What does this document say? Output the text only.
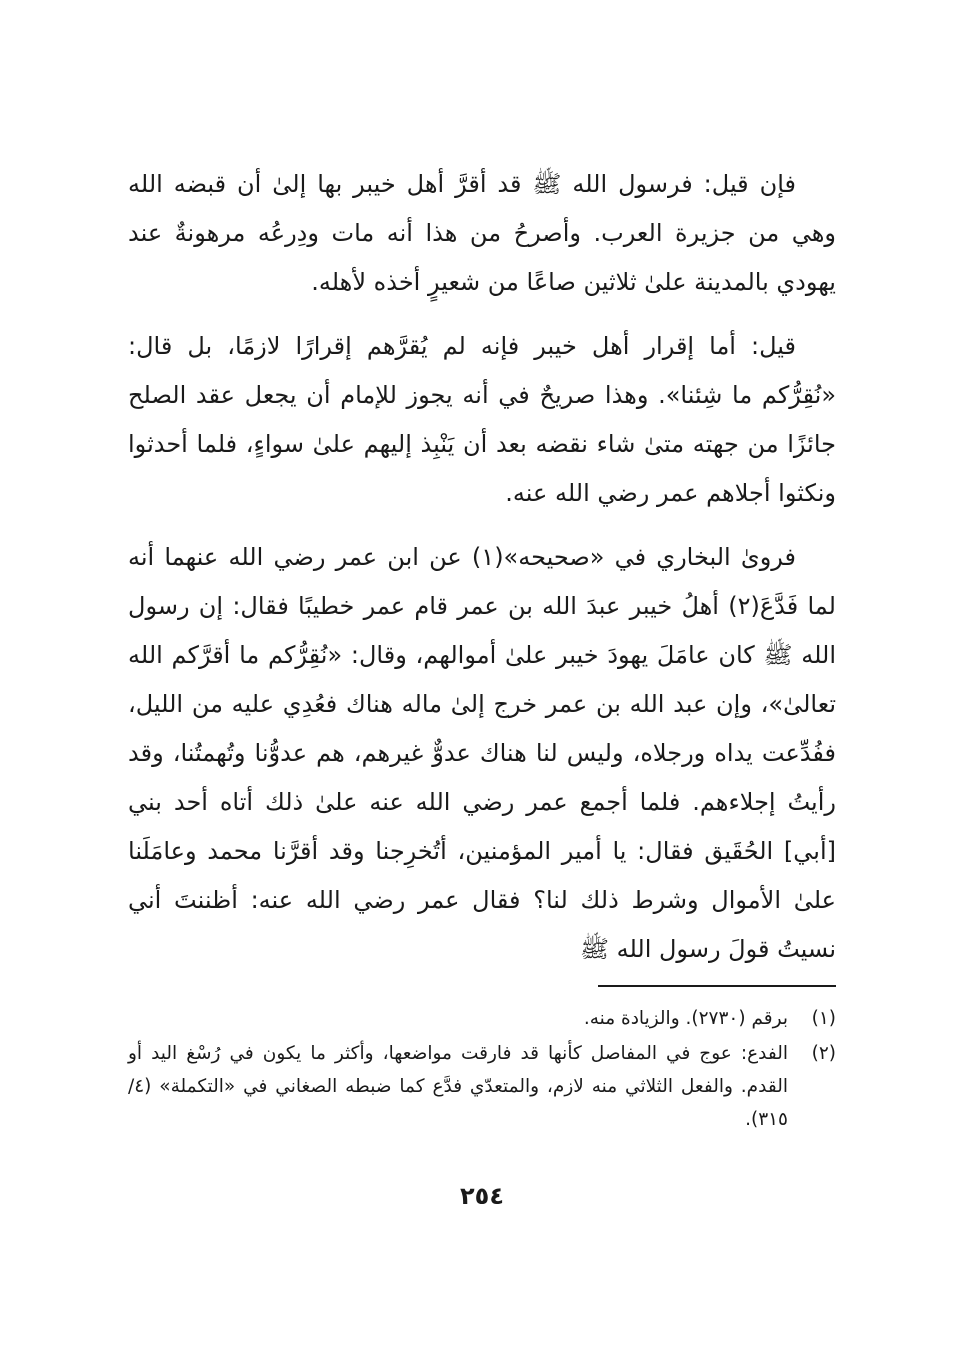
فإن قيل: فرسول الله ﷺ قد أقرَّ أهل خيبر بها إلىٰ أن قبضه الله وهي من جزيرة العرب. وأصرحُ من هذا أنه مات ودِرعُه مرهونةٌ عند يهودي بالمدينة علىٰ ثلاثين صاعًا من شعيرٍ أخذه لأهله.

قيل: أما إقرار أهل خيبر فإنه لم يُقرَّهم إقرارًا لازمًا، بل قال: «نُقِرُّكم ما شِئنا». وهذا صريحٌ في أنه يجوز للإمام أن يجعل عقد الصلح جائزًا من جهته متىٰ شاء نقضه بعد أن يَنْبِذ إليهم علىٰ سواءٍ، فلما أحدثوا ونكثوا أجلاهم عمر رضي الله عنه.

فروىٰ البخاري في «صحيحه»(١) عن ابن عمر رضي الله عنهما أنه لما فَدَّعَ(٢) أهلُ خيبر عبدَ الله بن عمر قام عمر خطيبًا فقال: إن رسول الله ﷺ كان عامَلَ يهودَ خيبر علىٰ أموالهم، وقال: «نُقِرُّكم ما أقرَّكم الله تعالىٰ»، وإن عبد الله بن عمر خرج إلىٰ ماله هناك فعُدِي عليه من الليل، ففُدِّعت يداه ورجلاه، وليس لنا هناك عدوٌّ غيرهم، هم عدوُّنا وتُهمتُنا، وقد رأيتُ إجلاءهم. فلما أجمع عمر رضي الله عنه علىٰ ذلك أتاه أحد بني [أبي] الحُقَيق فقال: يا أمير المؤمنين، أتُخرِجنا وقد أقرَّنا محمد وعامَلَنا علىٰ الأموال وشرط ذلك لنا؟ فقال عمر رضي الله عنه: أظننتَ أني نسيتُ قولَ رسول الله ﷺ

(١)
برقم (٢٧٣٠). والزيادة منه.
(٢)
الفدع: عوج في المفاصل كأنها قد فارقت مواضعها، وأكثر ما يكون في رُسْغ اليد أو القدم. والفعل الثلاثي منه لازم، والمتعدّي فدَّع كما ضبطه الصغاني في «التكملة» (٤/ ٣١٥).
٢٥٤
